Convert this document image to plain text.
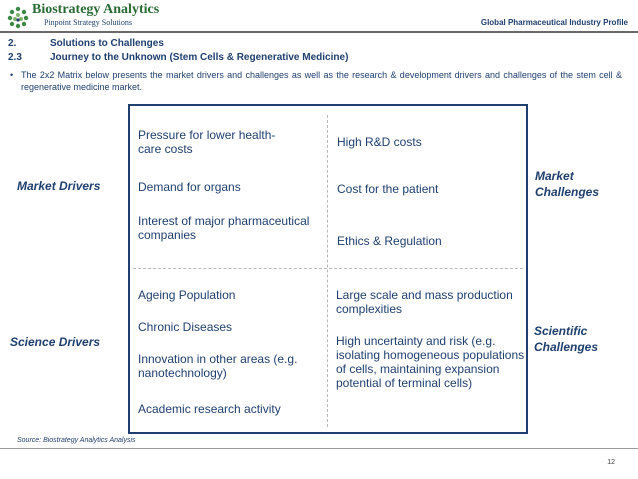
Biostrategy Analytics
Pinpoint Strategy Solutions	Global Pharmaceutical Industry Profile
2.	Solutions to Challenges
2.3	Journey to the Unknown (Stem Cells & Regenerative Medicine)
• The 2x2 Matrix below presents the market drivers and challenges as well as the research & development drivers and challenges of the stem cell & regenerative medicine market.
Pressure for lower health-care costs
Demand for organs
Interest of major pharmaceutical companies
High R&D costs
Cost for the patient
Ethics & Regulation
Ageing Population
Chronic Diseases
Innovation in other areas (e.g. nanotechnology)
Academic research activity
Large scale and mass production complexities
High uncertainty and risk (e.g. isolating homogeneous populations of cells, maintaining expansion potential of terminal cells)
Market Drivers
Science Drivers
Market Challenges
Scientific Challenges
Source: Biostrategy Analytics Analysis
12
